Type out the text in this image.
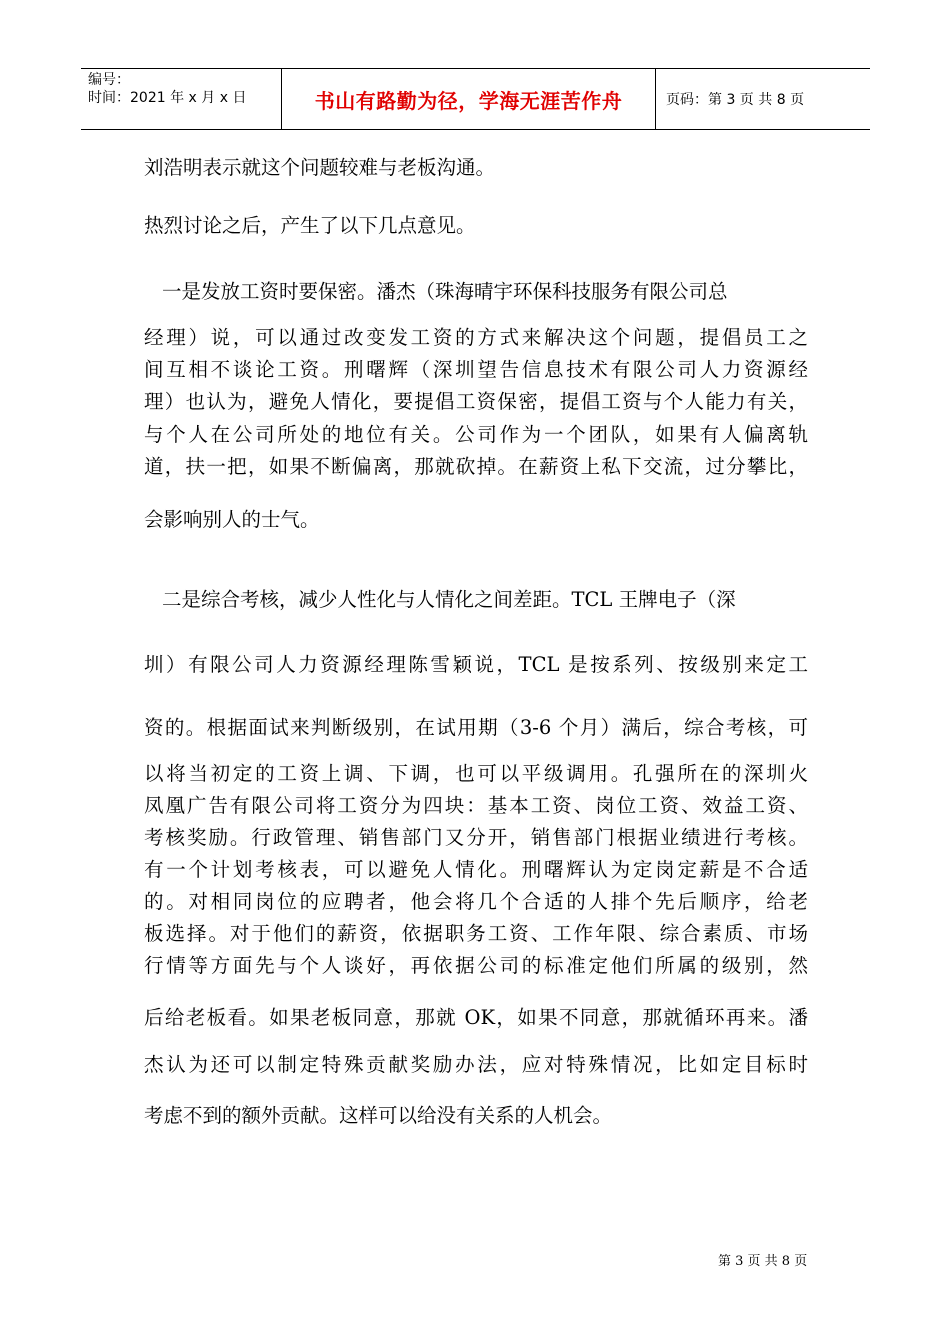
编号：
时间：2021 年 x 月 x 日	书山有路勤为径，学海无涯苦作舟	页码：第 3 页 共 8 页
刘浩明表示就这个问题较难与老板沟通。
热烈讨论之后，产生了以下几点意见。
一是发放工资时要保密。潘杰（珠海晴宇环保科技服务有限公司总
经理）说，可以通过改变发工资的方式来解决这个问题，提倡员工之
间互相不谈论工资。刑曙辉（深圳望告信息技术有限公司人力资源经
理）也认为，避免人情化，要提倡工资保密，提倡工资与个人能力有关，
与个人在公司所处的地位有关。公司作为一个团队，如果有人偏离轨
道，扶一把，如果不断偏离，那就砍掉。在薪资上私下交流，过分攀比，
会影响别人的士气。
二是综合考核，减少人性化与人情化之间差距。TCL 王牌电子（深
圳）有限公司人力资源经理陈雪颖说，TCL 是按系列、按级别来定工
资的。根据面试来判断级别，在试用期（3-6 个月）满后，综合考核，可
以将当初定的工资上调、下调，也可以平级调用。孔强所在的深圳火
凤凰广告有限公司将工资分为四块：基本工资、岗位工资、效益工资、
考核奖励。行政管理、销售部门又分开，销售部门根据业绩进行考核。
有一个计划考核表，可以避免人情化。刑曙辉认为定岗定薪是不合适
的。对相同岗位的应聘者，他会将几个合适的人排个先后顺序，给老
板选择。对于他们的薪资，依据职务工资、工作年限、综合素质、市场
行情等方面先与个人谈好，再依据公司的标准定他们所属的级别，然
后给老板看。如果老板同意，那就 OK，如果不同意，那就循环再来。潘
杰认为还可以制定特殊贡献奖励办法，应对特殊情况，比如定目标时
考虑不到的额外贡献。这样可以给没有关系的人机会。
第 3 页 共 8 页
